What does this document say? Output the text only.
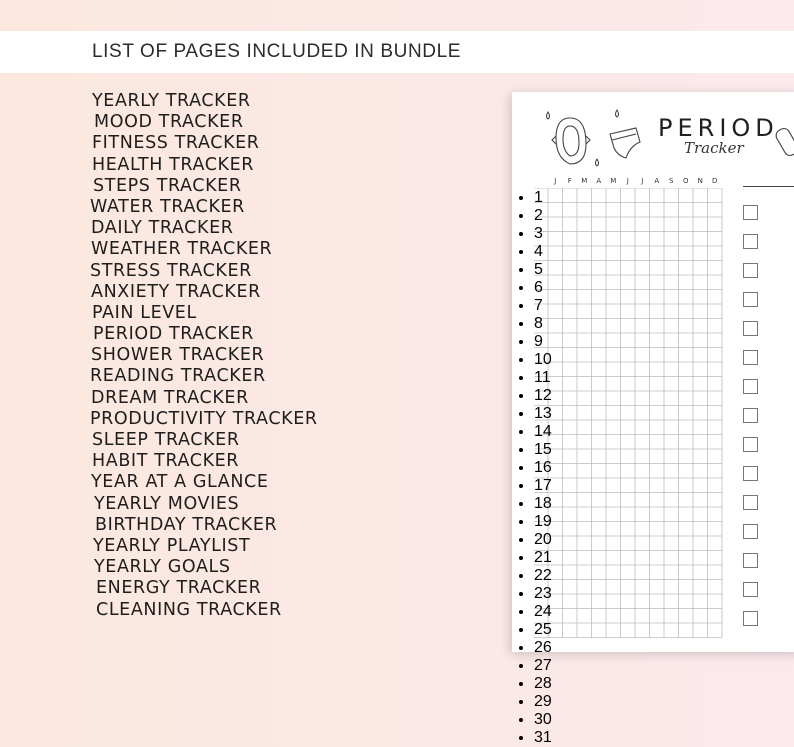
LIST OF PAGES INCLUDED IN BUNDLE
YEARLY TRACKER
MOOD TRACKER
FITNESS TRACKER
HEALTH TRACKER
STEPS TRACKER
WATER TRACKER
DAILY TRACKER
WEATHER TRACKER
STRESS TRACKER
ANXIETY TRACKER
PAIN LEVEL
PERIOD TRACKER
SHOWER TRACKER
READING TRACKER
DREAM TRACKER
PRODUCTIVITY TRACKER
SLEEP TRACKER
HABIT TRACKER
YEAR AT A GLANCE
YEARLY MOVIES
BIRTHDAY TRACKER
YEARLY PLAYLIST
YEARLY GOALS
ENERGY TRACKER
CLEANING TRACKER
PERIOD
Tracker
J	F	M	A	M	J	J	A	S	O	N	D
• 1
• 2
• 3
• 4
• 5
• 6
• 7
• 8
• 9
• 10
• 11
• 12
• 13
• 14
• 15
• 16
• 17
• 18
• 19
• 20
• 21
• 22
• 23
• 24
• 25
• 26
• 27
• 28
• 29
• 30
• 31
